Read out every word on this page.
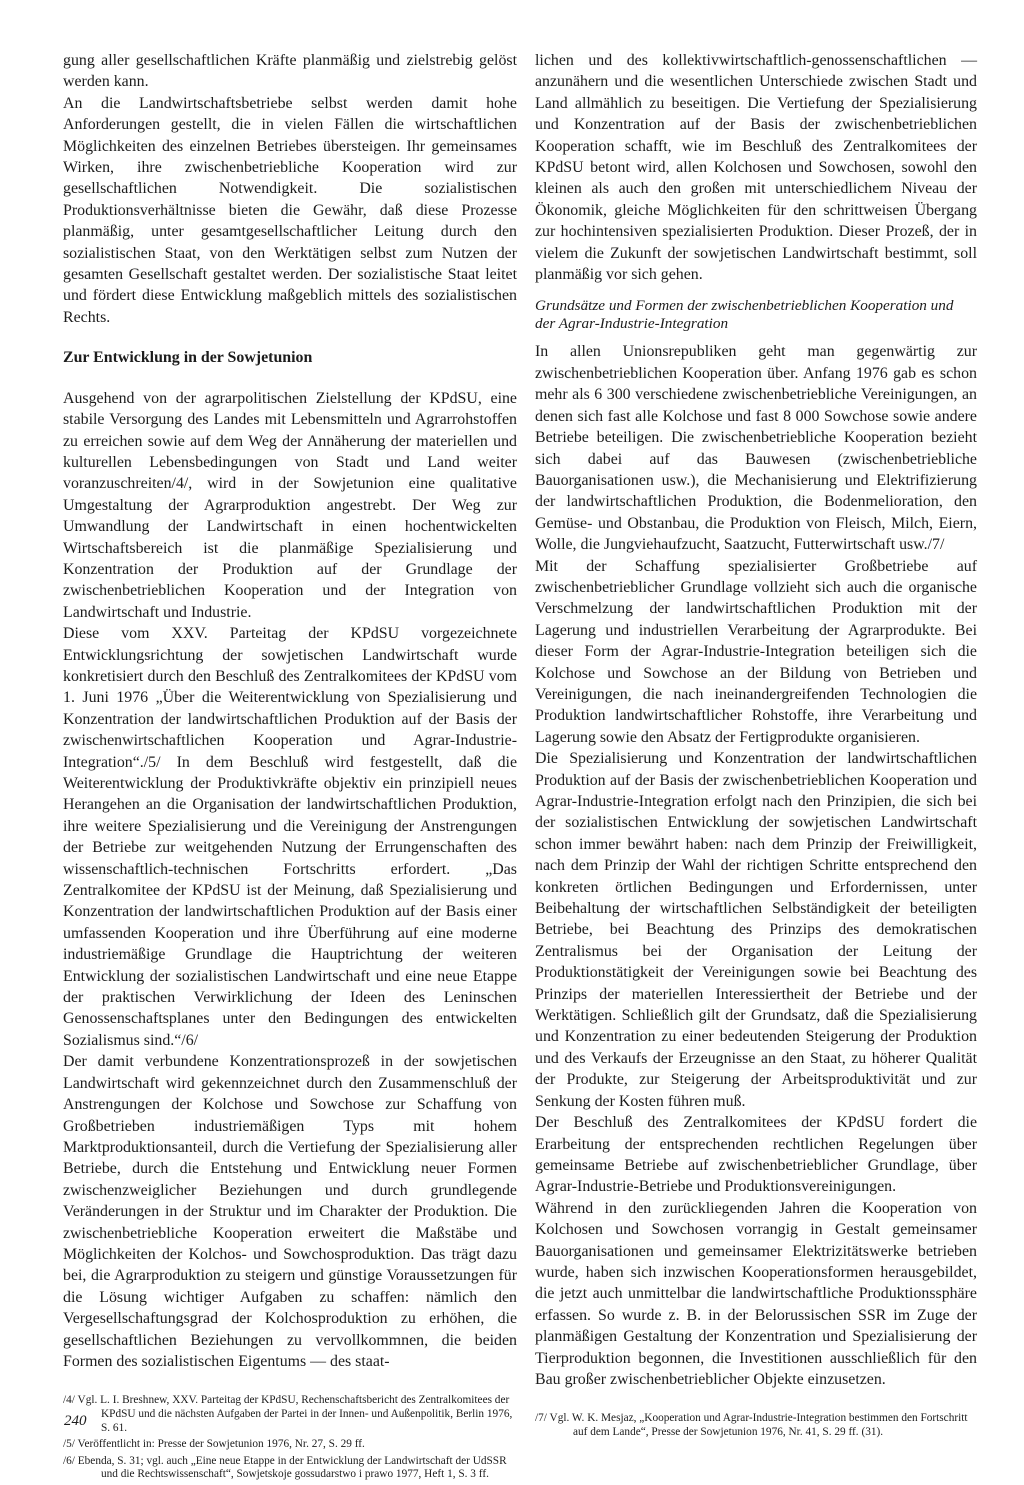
gung aller gesellschaftlichen Kräfte planmäßig und zielstrebig gelöst werden kann.

An die Landwirtschaftsbetriebe selbst werden damit hohe Anforderungen gestellt, die in vielen Fällen die wirtschaftlichen Möglichkeiten des einzelnen Betriebes übersteigen. Ihr gemeinsames Wirken, ihre zwischenbetriebliche Kooperation wird zur gesellschaftlichen Notwendigkeit. Die sozialistischen Produktionsverhältnisse bieten die Gewähr, daß diese Prozesse planmäßig, unter gesamtgesellschaftlicher Leitung durch den sozialistischen Staat, von den Werktätigen selbst zum Nutzen der gesamten Gesellschaft gestaltet werden. Der sozialistische Staat leitet und fördert diese Entwicklung maßgeblich mittels des sozialistischen Rechts.

Zur Entwicklung in der Sowjetunion

Ausgehend von der agrarpolitischen Zielstellung der KPdSU, eine stabile Versorgung des Landes mit Lebensmitteln und Agrarrohstoffen zu erreichen sowie auf dem Weg der Annäherung der materiellen und kulturellen Lebensbedingungen von Stadt und Land weiter voranzuschreiten/4/, wird in der Sowjetunion eine qualitative Umgestaltung der Agrarproduktion angestrebt. Der Weg zur Umwandlung der Landwirtschaft in einen hochentwickelten Wirtschaftsbereich ist die planmäßige Spezialisierung und Konzentration der Produktion auf der Grundlage der zwischenbetrieblichen Kooperation und der Integration von Landwirtschaft und Industrie.

Diese vom XXV. Parteitag der KPdSU vorgezeichnete Entwicklungsrichtung der sowjetischen Landwirtschaft wurde konkretisiert durch den Beschluß des Zentralkomitees der KPdSU vom 1. Juni 1976 „Über die Weiterentwicklung von Spezialisierung und Konzentration der landwirtschaftlichen Produktion auf der Basis der zwischenwirtschaftlichen Kooperation und Agrar-Industrie-Integration“./5/ In dem Beschluß wird festgestellt, daß die Weiterentwicklung der Produktivkräfte objektiv ein prinzipiell neues Herangehen an die Organisation der landwirtschaftlichen Produktion, ihre weitere Spezialisierung und die Vereinigung der Anstrengungen der Betriebe zur weitgehenden Nutzung der Errungenschaften des wissenschaftlich-technischen Fortschritts erfordert. „Das Zentralkomitee der KPdSU ist der Meinung, daß Spezialisierung und Konzentration der landwirtschaftlichen Produktion auf der Basis einer umfassenden Kooperation und ihre Überführung auf eine moderne industriemäßige Grundlage die Hauptrichtung der weiteren Entwicklung der sozialistischen Landwirtschaft und eine neue Etappe der praktischen Verwirklichung der Ideen des Leninschen Genossenschaftsplanes unter den Bedingungen des entwickelten Sozialismus sind.“/6/

Der damit verbundene Konzentrationsprozeß in der sowjetischen Landwirtschaft wird gekennzeichnet durch den Zusammenschluß der Anstrengungen der Kolchose und Sowchose zur Schaffung von Großbetrieben industriemäßigen Typs mit hohem Marktproduktionsanteil, durch die Vertiefung der Spezialisierung aller Betriebe, durch die Entstehung und Entwicklung neuer Formen zwischenzweiglicher Beziehungen und durch grundlegende Veränderungen in der Struktur und im Charakter der Produktion. Die zwischenbetriebliche Kooperation erweitert die Maßstäbe und Möglichkeiten der Kolchos- und Sowchosproduktion. Das trägt dazu bei, die Agrarproduktion zu steigern und günstige Voraussetzungen für die Lösung wichtiger Aufgaben zu schaffen: nämlich den Vergesellschaftungsgrad der Kolchosproduktion zu erhöhen, die gesellschaftlichen Beziehungen zu vervollkommnen, die beiden Formen des sozialistischen Eigentums — des staat-

/4/ Vgl. L. I. Breshnew, XXV. Parteitag der KPdSU, Rechenschaftsbericht des Zentralkomitees der KPdSU und die nächsten Aufgaben der Partei in der Innen- und Außenpolitik, Berlin 1976, S. 61.

/5/ Veröffentlicht in: Presse der Sowjetunion 1976, Nr. 27, S. 29 ff.

/6/ Ebenda, S. 31; vgl. auch „Eine neue Etappe in der Entwicklung der Landwirtschaft der UdSSR und die Rechtswissenschaft“, Sowjetskoje gossudarstwo i prawo 1977, Heft 1, S. 3 ff.

lichen und des kollektivwirtschaftlich-genossenschaftlichen — anzunähern und die wesentlichen Unterschiede zwischen Stadt und Land allmählich zu beseitigen. Die Vertiefung der Spezialisierung und Konzentration auf der Basis der zwischenbetrieblichen Kooperation schafft, wie im Beschluß des Zentralkomitees der KPdSU betont wird, allen Kolchosen und Sowchosen, sowohl den kleinen als auch den großen mit unterschiedlichem Niveau der Ökonomik, gleiche Möglichkeiten für den schrittweisen Übergang zur hochintensiven spezialisierten Produktion. Dieser Prozeß, der in vielem die Zukunft der sowjetischen Landwirtschaft bestimmt, soll planmäßig vor sich gehen.

Grundsätze und Formen der zwischenbetrieblichen Kooperation und der Agrar-Industrie-Integration

In allen Unionsrepubliken geht man gegenwärtig zur zwischenbetrieblichen Kooperation über. Anfang 1976 gab es schon mehr als 6 300 verschiedene zwischenbetriebliche Vereinigungen, an denen sich fast alle Kolchose und fast 8 000 Sowchose sowie andere Betriebe beteiligen. Die zwischenbetriebliche Kooperation bezieht sich dabei auf das Bauwesen (zwischenbetriebliche Bauorganisationen usw.), die Mechanisierung und Elektrifizierung der landwirtschaftlichen Produktion, die Bodenmelioration, den Gemüse- und Obstanbau, die Produktion von Fleisch, Milch, Eiern, Wolle, die Jungviehaufzucht, Saatzucht, Futterwirtschaft usw./7/

Mit der Schaffung spezialisierter Großbetriebe auf zwischenbetrieblicher Grundlage vollzieht sich auch die organische Verschmelzung der landwirtschaftlichen Produktion mit der Lagerung und industriellen Verarbeitung der Agrarprodukte. Bei dieser Form der Agrar-Industrie-Integration beteiligen sich die Kolchose und Sowchose an der Bildung von Betrieben und Vereinigungen, die nach ineinandergreifenden Technologien die Produktion landwirtschaftlicher Rohstoffe, ihre Verarbeitung und Lagerung sowie den Absatz der Fertigprodukte organisieren.

Die Spezialisierung und Konzentration der landwirtschaftlichen Produktion auf der Basis der zwischenbetrieblichen Kooperation und Agrar-Industrie-Integration erfolgt nach den Prinzipien, die sich bei der sozialistischen Entwicklung der sowjetischen Landwirtschaft schon immer bewährt haben: nach dem Prinzip der Freiwilligkeit, nach dem Prinzip der Wahl der richtigen Schritte entsprechend den konkreten örtlichen Bedingungen und Erfordernissen, unter Beibehaltung der wirtschaftlichen Selbständigkeit der beteiligten Betriebe, bei Beachtung des Prinzips des demokratischen Zentralismus bei der Organisation der Leitung der Produktionstätigkeit der Vereinigungen sowie bei Beachtung des Prinzips der materiellen Interessiertheit der Betriebe und der Werktätigen. Schließlich gilt der Grundsatz, daß die Spezialisierung und Konzentration zu einer bedeutenden Steigerung der Produktion und des Verkaufs der Erzeugnisse an den Staat, zu höherer Qualität der Produkte, zur Steigerung der Arbeitsproduktivität und zur Senkung der Kosten führen muß.

Der Beschluß des Zentralkomitees der KPdSU fordert die Erarbeitung der entsprechenden rechtlichen Regelungen über gemeinsame Betriebe auf zwischenbetrieblicher Grundlage, über Agrar-Industrie-Betriebe und Produktionsvereinigungen.

Während in den zurückliegenden Jahren die Kooperation von Kolchosen und Sowchosen vorrangig in Gestalt gemeinsamer Bauorganisationen und gemeinsamer Elektrizitätswerke betrieben wurde, haben sich inzwischen Kooperationsformen herausgebildet, die jetzt auch unmittelbar die landwirtschaftliche Produktionssphäre erfassen. So wurde z. B. in der Belorussischen SSR im Zuge der planmäßigen Gestaltung der Konzentration und Spezialisierung der Tierproduktion begonnen, die Investitionen ausschließlich für den Bau großer zwischenbetrieblicher Objekte einzusetzen.

/7/ Vgl. W. K. Mesjaz, „Kooperation und Agrar-Industrie-Integration bestimmen den Fortschritt auf dem Lande“, Presse der Sowjetunion 1976, Nr. 41, S. 29 ff. (31).

240
